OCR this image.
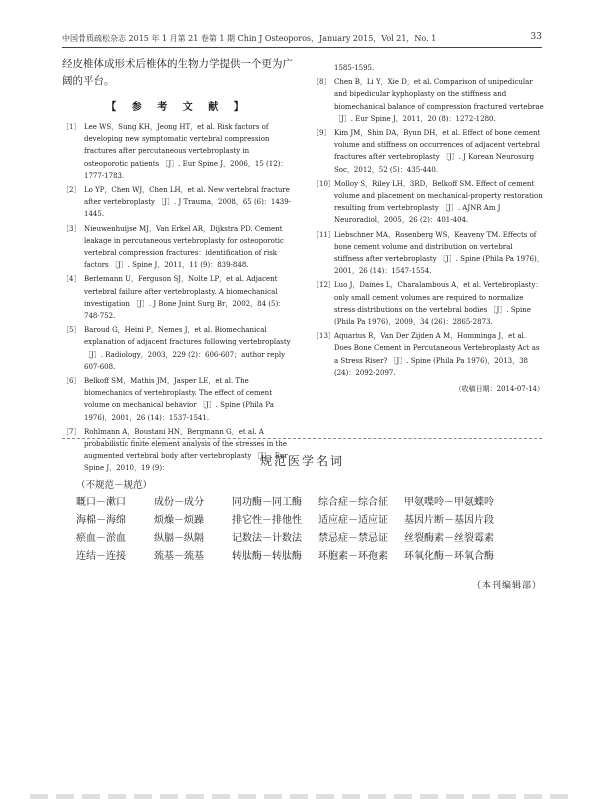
中国骨质疏松杂志 2015 年 1 月第 21 卷第 1 期 Chin J Osteoporos，January 2015，Vol 21，No. 1	33

经皮椎体成形术后椎体的生物力学提供一个更为广阔的平台。

【 参 考 文 献 】
［1］ Lee WS，Sung KH，Jeong HT，et al. Risk factors of developing new symptomatic vertebral compression fractures after percutaneous vertebroplasty in osteoporotic patients ［J］. Eur Spine J，2006，15 (12)：1777-1783.
［2］ Lo YP，Chen WJ，Chen LH，et al. New vertebral fracture after vertebroplasty ［J］. J Trauma，2008，65 (6)：1439-1445.
［3］ Nieuwenhuijse MJ，Van Erkel AR，Dijkstra PD. Cement leakage in percutaneous vertebroplasty for osteoporotic vertebral compression fractures：identification of risk factors ［J］. Spine J，2011，11 (9)：839-848.
［4］ Berlemann U，Ferguson SJ，Nolte LP，et al. Adjacent vertebral failure after vertebroplasty. A biomechanical investigation ［J］. J Bone Joint Surg Br，2002，84 (5)：748-752.
［5］ Baroud G，Heini P，Nemes J，et al. Biomechanical explanation of adjacent fractures following vertebroplasty ［J］. Radiology，2003，229 (2)：606-607；author reply 607-608.
［6］ Belkoff SM，Mathis JM，Jasper LE，et al. The biomechanics of vertebroplasty. The effect of cement volume on mechanical behavior ［J］. Spine (Phila Pa 1976)，2001，26 (14)：1537-1541.
［7］ Rohlmann A，Boustani HN，Bergmann G，et al. A probabilistic finite element analysis of the stresses in the augmented vertebral body after vertebroplasty ［J］. Eur Spine J，2010，19 (9)：
1585-1595.
［8］ Chen B，Li Y，Xie D，et al. Comparison of unipedicular and bipedicular kyphoplasty on the stiffness and biomechanical balance of compression fractured vertebrae ［J］. Eur Spine J，2011，20 (8)：1272-1280.
［9］ Kim JM，Shin DA，Byun DH，et al. Effect of bone cement volume and stiffness on occurrences of adjacent vertebral fractures after vertebroplasty ［J］. J Korean Neurosurg Soc，2012，52 (5)：435-440.
［10］ Molloy S，Riley LH，3RD，Belkoff SM. Effect of cement volume and placement on mechanical-property restoration resulting from vertebroplasty ［J］. AJNR Am J Neuroradiol，2005，26 (2)：401-404.
［11］ Liebschner MA，Rosenberg WS，Keaveny TM. Effects of bone cement volume and distribution on vertebral stiffness after vertebroplasty ［J］. Spine (Phila Pa 1976)，2001，26 (14)：1547-1554.
［12］ Luo J，Daines L，Charalambous A，et al. Vertebroplasty：only small cement volumes are required to normalize stress distributions on the vertebral bodies ［J］. Spine (Phila Pa 1976)，2009，34 (26)：2865-2873.
［13］ Aquarius R，Van Der Zijden A M，Homminga J，et al. Does Bone Cement in Percutaneous Vertebroplasty Act as a Stress Riser? ［J］. Spine (Phila Pa 1976)，2013，38 (24)：2092-2097.
（收稿日期：2014-07-14）
规范医学名词
（不规范－规范）
嘅口－漱口	成份－成分	同功酶－同工酶	综合症－综合征	甲氨喋呤－甲氨蝶呤
海棉－海绵	烦燥－烦躁	排它性－排他性	适应症－适应证	基因片断－基因片段
瘀血－淤血	纵膈－纵隔	记数法－计数法	禁忌症－禁忌证	丝裂酶素－丝裂霉素
连结－连接	巯基－巯基	转肽酶－转肽酶	环胞素－环孢素	环氧化酶－环氧合酶
（本刊编辑部）
